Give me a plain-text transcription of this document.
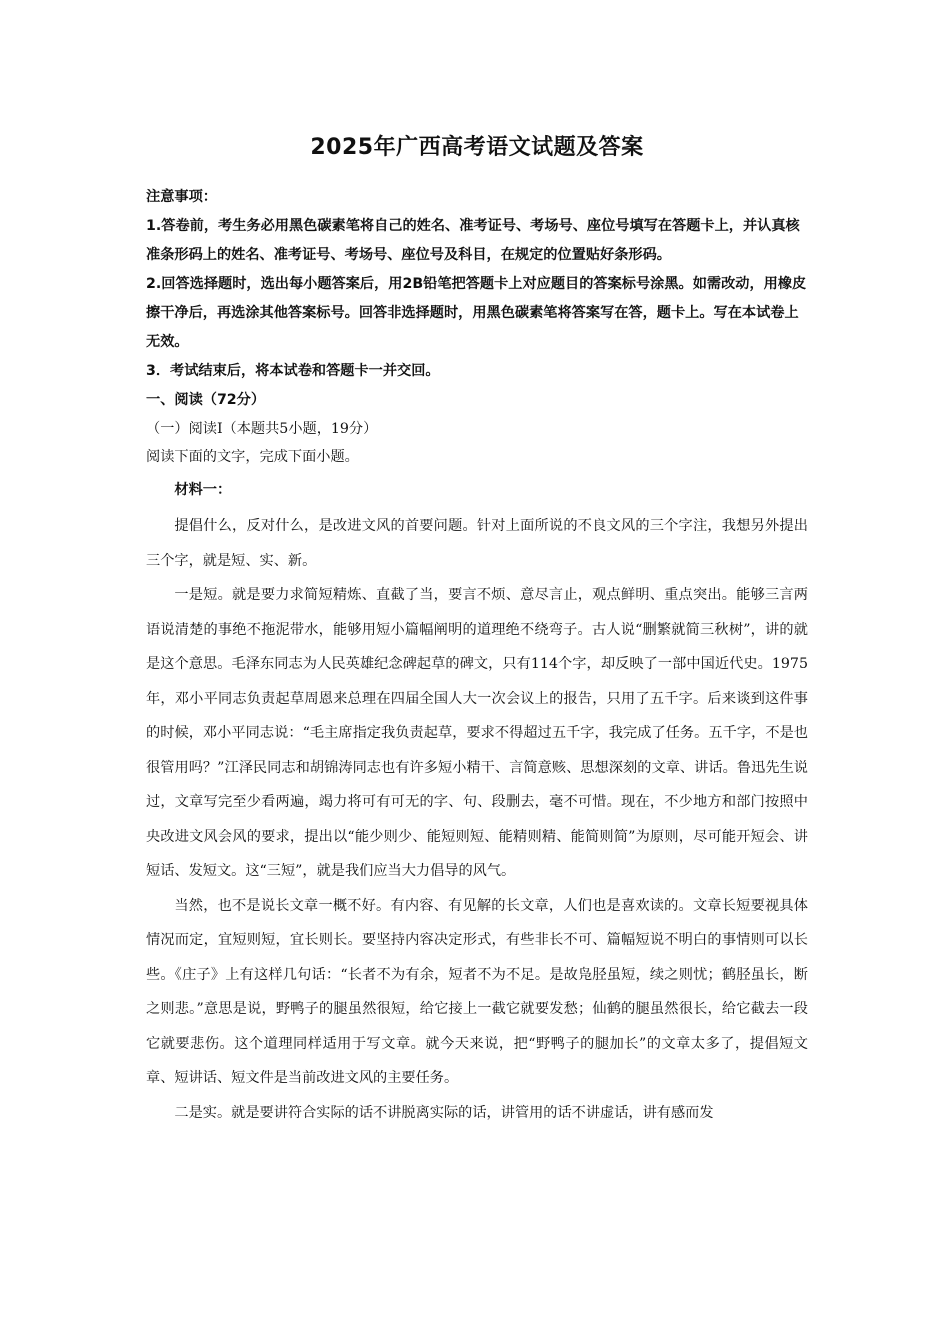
2025年广西高考语文试题及答案

注意事项：

1.答卷前，考生务必用黑色碳素笔将自己的姓名、准考证号、考场号、座位号填写在答题卡上，并认真核准条形码上的姓名、准考证号、考场号、座位号及科目，在规定的位置贴好条形码。

2.回答选择题时，选出每小题答案后，用2B铅笔把答题卡上对应题目的答案标号涂黑。如需改动，用橡皮擦干净后，再选涂其他答案标号。回答非选择题时，用黑色碳素笔将答案写在答，题卡上。写在本试卷上无效。

3．考试结束后，将本试卷和答题卡一并交回。

一、阅读（72分）

（一）阅读Ⅰ（本题共5小题，19分）

阅读下面的文字，完成下面小题。

材料一：

提倡什么，反对什么，是改进文风的首要问题。针对上面所说的不良文风的三个字注，我想另外提出三个字，就是短、实、新。

一是短。就是要力求简短精炼、直截了当，要言不烦、意尽言止，观点鲜明、重点突出。能够三言两语说清楚的事绝不拖泥带水，能够用短小篇幅阐明的道理绝不绕弯子。古人说“删繁就简三秋树”，讲的就是这个意思。毛泽东同志为人民英雄纪念碑起草的碑文，只有114个字，却反映了一部中国近代史。1975年，邓小平同志负责起草周恩来总理在四届全国人大一次会议上的报告，只用了五千字。后来谈到这件事的时候，邓小平同志说：“毛主席指定我负责起草，要求不得超过五千字，我完成了任务。五千字，不是也很管用吗？”江泽民同志和胡锦涛同志也有许多短小精干、言简意赅、思想深刻的文章、讲话。鲁迅先生说过，文章写完至少看两遍，竭力将可有可无的字、句、段删去，毫不可惜。现在，不少地方和部门按照中央改进文风会风的要求，提出以“能少则少、能短则短、能精则精、能简则简”为原则，尽可能开短会、讲短话、发短文。这“三短”，就是我们应当大力倡导的风气。

当然，也不是说长文章一概不好。有内容、有见解的长文章，人们也是喜欢读的。文章长短要视具体情况而定，宜短则短，宜长则长。要坚持内容决定形式，有些非长不可、篇幅短说不明白的事情则可以长些。《庄子》上有这样几句话：“长者不为有余，短者不为不足。是故凫胫虽短，续之则忧；鹤胫虽长，断之则悲。”意思是说，野鸭子的腿虽然很短，给它接上一截它就要发愁；仙鹤的腿虽然很长，给它截去一段它就要悲伤。这个道理同样适用于写文章。就今天来说，把“野鸭子的腿加长”的文章太多了，提倡短文章、短讲话、短文件是当前改进文风的主要任务。

二是实。就是要讲符合实际的话不讲脱离实际的话，讲管用的话不讲虚话，讲有感而发
